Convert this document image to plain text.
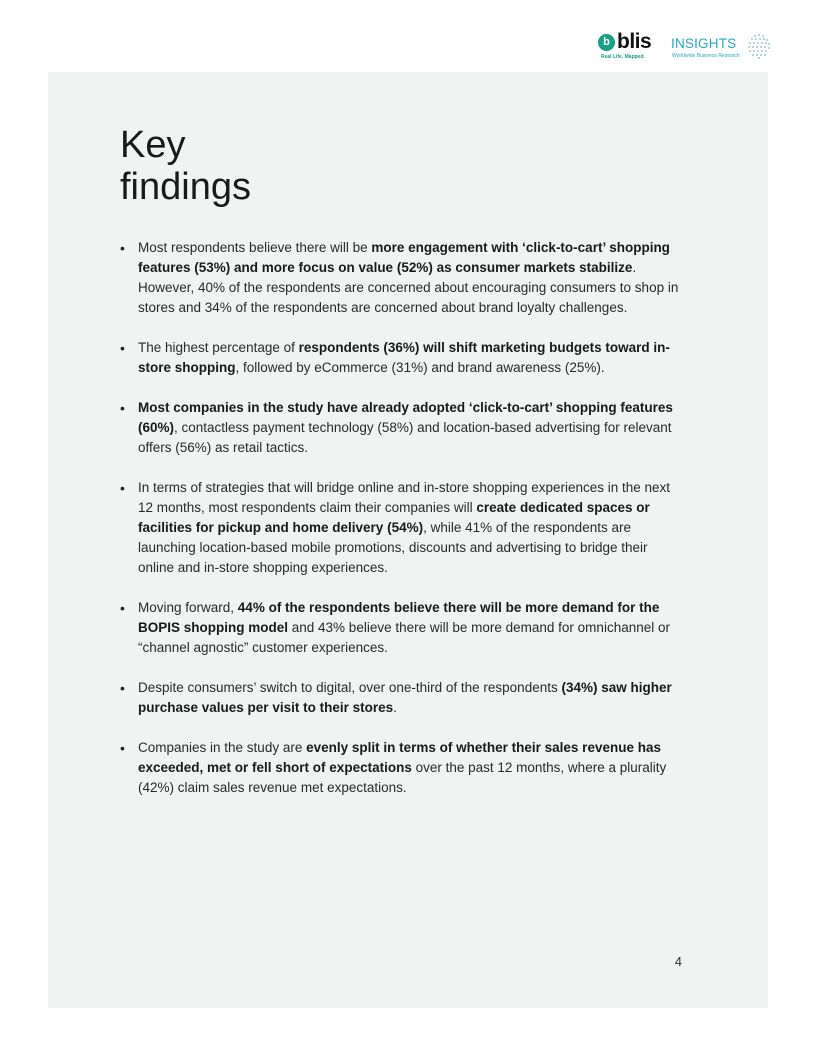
b blis
Real Life. Mapped.
INSIGHTS
Worldwide Business Research
Key
findings
• Most respondents believe there will be more engagement with ‘click-to-cart’ shopping features (53%) and more focus on value (52%) as consumer markets stabilize. However, 40% of the respondents are concerned about encouraging consumers to shop in stores and 34% of the respondents are concerned about brand loyalty challenges.
• The highest percentage of respondents (36%) will shift marketing budgets toward in-store shopping, followed by eCommerce (31%) and brand awareness (25%).
• Most companies in the study have already adopted ‘click-to-cart’ shopping features (60%), contactless payment technology (58%) and location-based advertising for relevant offers (56%) as retail tactics.
• In terms of strategies that will bridge online and in-store shopping experiences in the next 12 months, most respondents claim their companies will create dedicated spaces or facilities for pickup and home delivery (54%), while 41% of the respondents are launching location-based mobile promotions, discounts and advertising to bridge their online and in-store shopping experiences.
• Moving forward, 44% of the respondents believe there will be more demand for the BOPIS shopping model and 43% believe there will be more demand for omnichannel or “channel agnostic” customer experiences.
• Despite consumers’ switch to digital, over one-third of the respondents (34%) saw higher purchase values per visit to their stores.
• Companies in the study are evenly split in terms of whether their sales revenue has exceeded, met or fell short of expectations over the past 12 months, where a plurality (42%) claim sales revenue met expectations.
4
